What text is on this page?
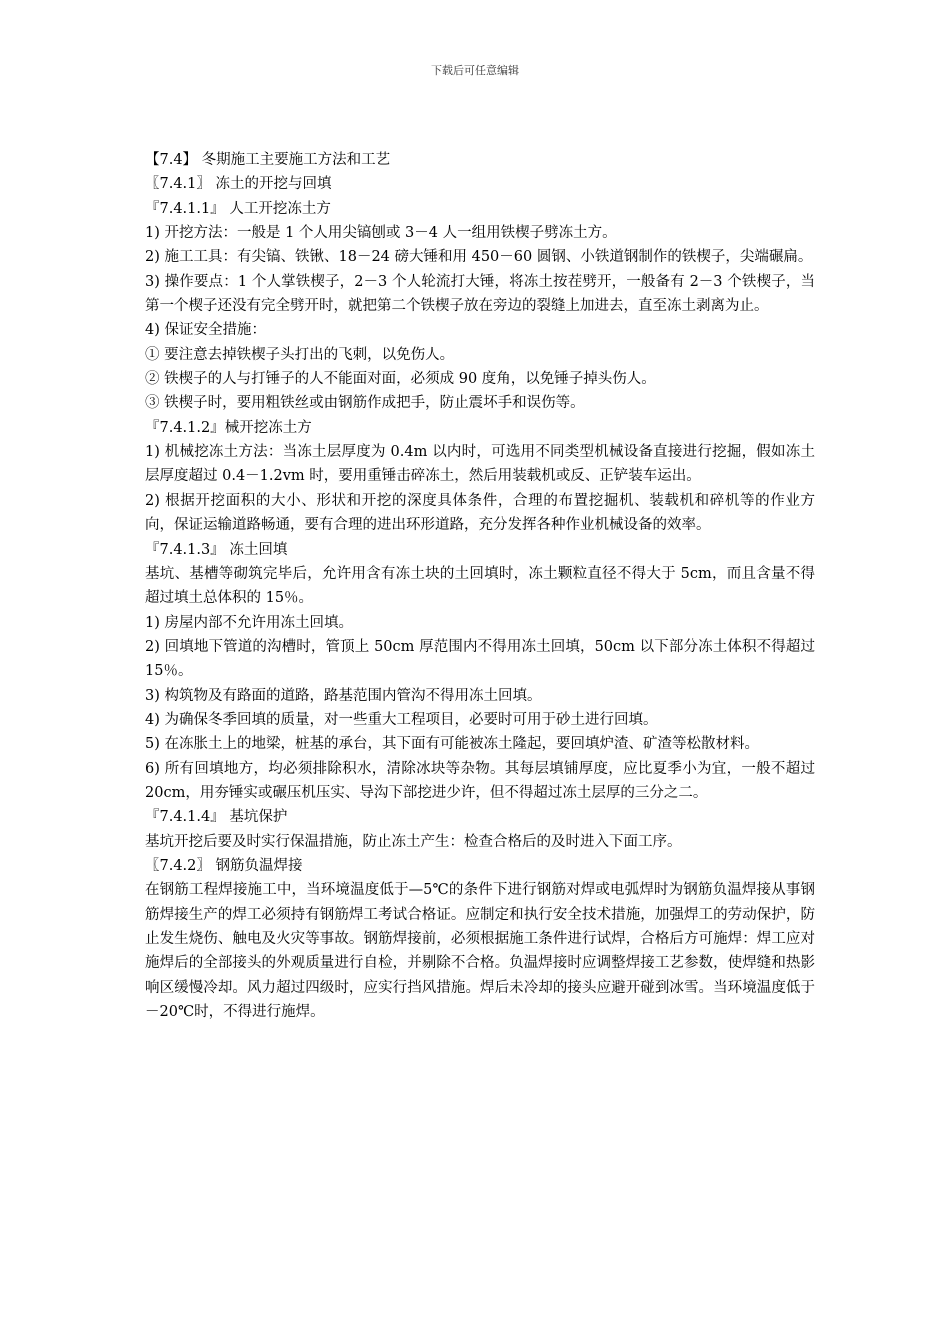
下载后可任意编辑

【7.4】 冬期施工主要施工方法和工艺

〖7.4.1〗 冻土的开挖与回填

『7.4.1.1』 人工开挖冻土方

1) 开挖方法：一般是 1 个人用尖镐刨或 3－4 人一组用铁楔子劈冻土方。

2) 施工工具：有尖镐、铁锹、18－24 磅大锤和用 450－60 圆钢、小铁道钢制作的铁楔子，尖端碾扁。

3) 操作要点：1 个人掌铁楔子，2－3 个人轮流打大锤，将冻土按茬劈开，一般备有 2－3 个铁楔子，当第一个楔子还没有完全劈开时，就把第二个铁楔子放在旁边的裂缝上加进去，直至冻土剥离为止。

4) 保证安全措施：

① 要注意去掉铁楔子头打出的飞刺，以免伤人。

② 铁楔子的人与打锤子的人不能面对面，必须成 90 度角，以免锤子掉头伤人。

③ 铁楔子时，要用粗铁丝或由钢筋作成把手，防止震坏手和误伤等。

『7.4.1.2』械开挖冻土方

1) 机械挖冻土方法：当冻土层厚度为 0.4m 以内时，可选用不同类型机械设备直接进行挖掘，假如冻土层厚度超过 0.4－1.2vm 时，要用重锤击碎冻土，然后用装载机或反、正铲装车运出。

2) 根据开挖面积的大小、形状和开挖的深度具体条件，合理的布置挖掘机、装载机和碎机等的作业方向，保证运输道路畅通，要有合理的进出环形道路，充分发挥各种作业机械设备的效率。

『7.4.1.3』 冻土回填

基坑、基槽等砌筑完毕后，允许用含有冻土块的土回填时，冻土颗粒直径不得大于 5cm，而且含量不得超过填土总体积的 15％。

1) 房屋内部不允许用冻土回填。

2) 回填地下管道的沟槽时，管顶上 50cm 厚范围内不得用冻土回填，50cm 以下部分冻土体积不得超过 15％。

3) 构筑物及有路面的道路，路基范围内管沟不得用冻土回填。

4) 为确保冬季回填的质量，对一些重大工程项目，必要时可用于砂土进行回填。

5) 在冻胀土上的地梁，桩基的承台，其下面有可能被冻土隆起，要回填炉渣、矿渣等松散材料。

6) 所有回填地方，均必须排除积水，清除冰块等杂物。其每层填铺厚度，应比夏季小为宜，一般不超过 20cm，用夯锤实或碾压机压实、导沟下部挖进少许，但不得超过冻土层厚的三分之二。

『7.4.1.4』 基坑保护

基坑开挖后要及时实行保温措施，防止冻土产生：检查合格后的及时进入下面工序。

〖7.4.2〗 钢筋负温焊接

在钢筋工程焊接施工中，当环境温度低于—5℃的条件下进行钢筋对焊或电弧焊时为钢筋负温焊接从事钢筋焊接生产的焊工必须持有钢筋焊工考试合格证。应制定和执行安全技术措施，加强焊工的劳动保护，防止发生烧伤、触电及火灾等事故。钢筋焊接前，必须根据施工条件进行试焊，合格后方可施焊：焊工应对施焊后的全部接头的外观质量进行自检，并剔除不合格。负温焊接时应调整焊接工艺参数，使焊缝和热影响区缓慢冷却。风力超过四级时，应实行挡风措施。焊后未冷却的接头应避开碰到冰雪。当环境温度低于－20℃时，不得进行施焊。
